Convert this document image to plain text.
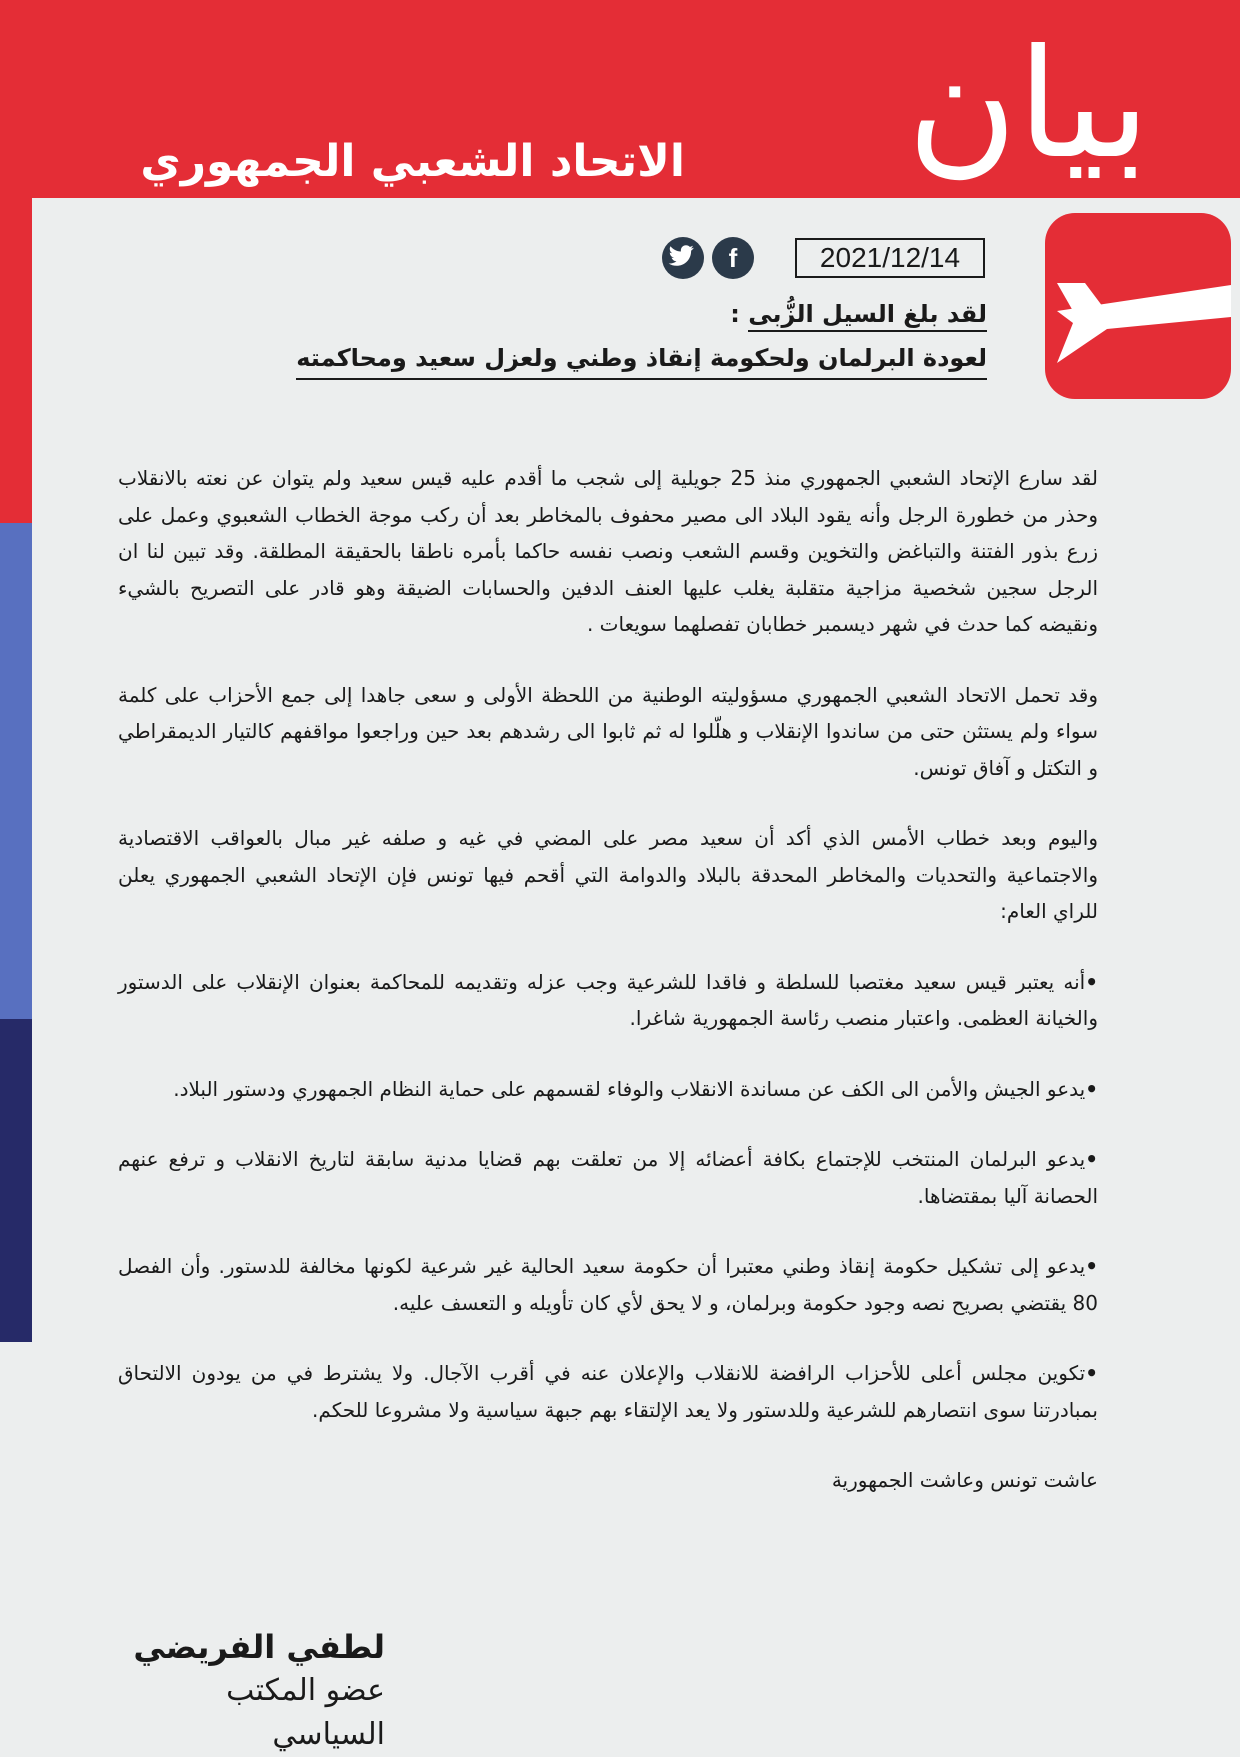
بيان
الاتحاد الشعبي الجمهوري
2021/12/14
f
لقد بلغ السيل الزُّبى :
لعودة البرلمان ولحكومة إنقاذ وطني ولعزل سعيد ومحاكمته

لقد سارع الإتحاد الشعبي الجمهوري منذ 25 جويلية إلى شجب ما أقدم عليه قيس سعيد ولم يتوان عن نعته بالانقلاب وحذر من خطورة الرجل وأنه يقود البلاد الى مصير محفوف بالمخاطر بعد أن ركب موجة الخطاب الشعبوي وعمل على زرع بذور الفتنة والتباغض والتخوين وقسم الشعب ونصب نفسه حاكما بأمره ناطقا بالحقيقة المطلقة. وقد تبين لنا ان الرجل سجين شخصية مزاجية متقلبة يغلب عليها العنف الدفين والحسابات الضيقة وهو قادر على التصريح بالشيء ونقيضه كما حدث في شهر ديسمبر خطابان تفصلهما سويعات .

وقد تحمل الاتحاد الشعبي الجمهوري مسؤوليته الوطنية من اللحظة الأولى و سعى جاهدا إلى جمع الأحزاب على كلمة سواء ولم يستثن حتى من ساندوا الإنقلاب و هلّلوا له ثم ثابوا الى رشدهم بعد حين وراجعوا مواقفهم كالتيار الديمقراطي و التكتل و آفاق تونس.

واليوم وبعد خطاب الأمس الذي أكد أن سعيد مصر على المضي في غيه و صلفه غير مبال بالعواقب الاقتصادية والاجتماعية والتحديات والمخاطر المحدقة بالبلاد والدوامة التي أقحم فيها تونس فإن الإتحاد الشعبي الجمهوري يعلن للراي العام:

•أنه يعتبر قيس سعيد مغتصبا للسلطة و فاقدا للشرعية وجب عزله وتقديمه للمحاكمة بعنوان الإنقلاب على الدستور والخيانة العظمى. واعتبار منصب رئاسة الجمهورية شاغرا.
•يدعو الجيش والأمن الى الكف عن مساندة الانقلاب والوفاء لقسمهم على حماية النظام الجمهوري ودستور البلاد.
•يدعو البرلمان المنتخب للإجتماع بكافة أعضائه إلا من تعلقت بهم قضايا مدنية سابقة لتاريخ الانقلاب و ترفع عنهم الحصانة آليا بمقتضاها.
•يدعو إلى تشكيل حكومة إنقاذ وطني معتبرا أن حكومة سعيد الحالية غير شرعية لكونها مخالفة للدستور. وأن الفصل 80 يقتضي بصريح نصه وجود حكومة وبرلمان، و لا يحق لأي كان تأويله و التعسف عليه.
•تكوين مجلس أعلى للأحزاب الرافضة للانقلاب والإعلان عنه في أقرب الآجال. ولا يشترط في من يودون الالتحاق بمبادرتنا سوى انتصارهم للشرعية وللدستور ولا يعد الإلتقاء بهم جبهة سياسية ولا مشروعا للحكم.

عاشت تونس وعاشت الجمهورية

لطفي الفريضي
عضو المكتب السياسي
